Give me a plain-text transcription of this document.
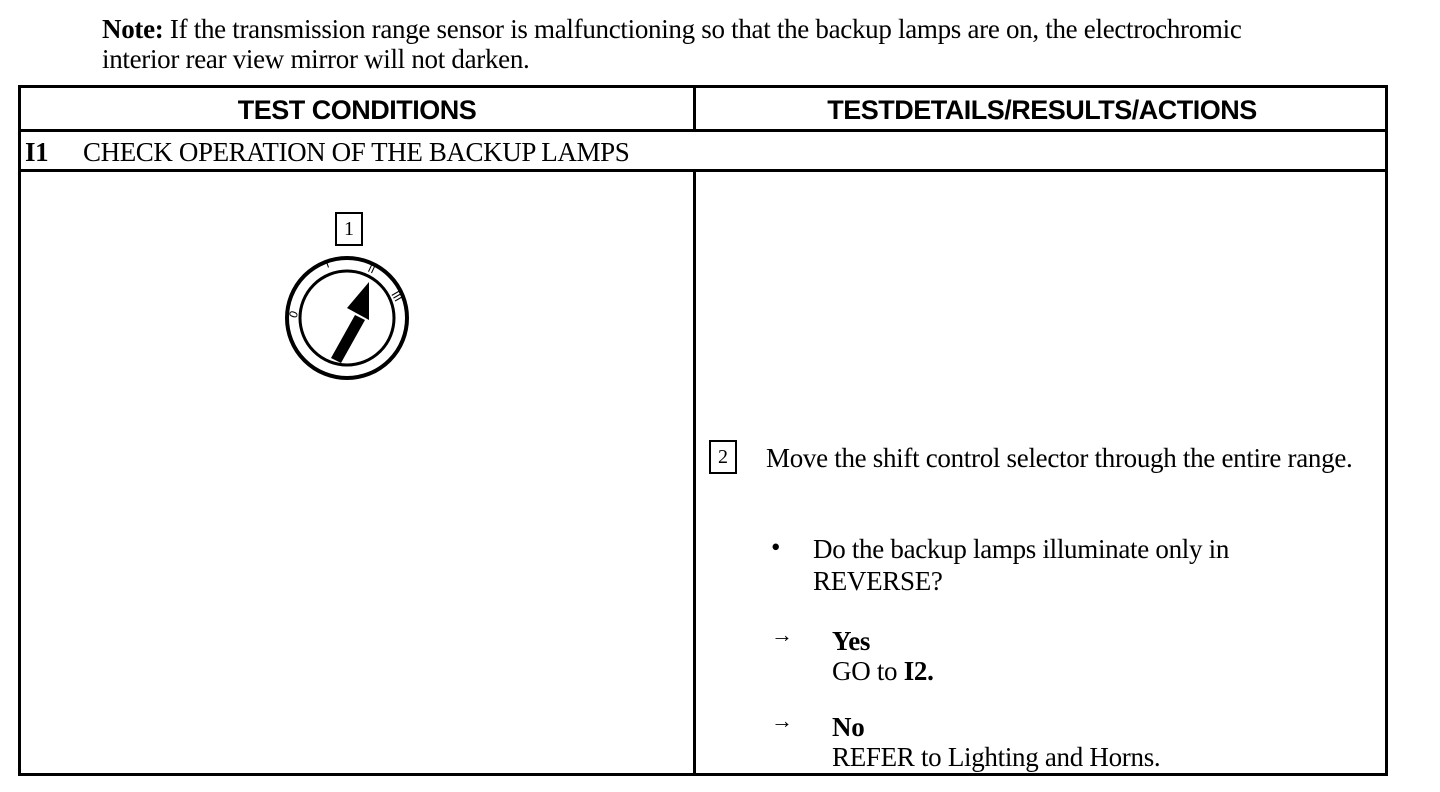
Note: If the transmission range sensor is malfunctioning so that the backup lamps are on, the electrochromic interior rear view mirror will not darken.
TEST CONDITIONS	TESTDETAILS/RESULTS/ACTIONS
I1 CHECK OPERATION OF THE BACKUP LAMPS
1
0
I	II
III
2	Move the shift control selector through the entire range.
• Do the backup lamps illuminate only in REVERSE?
→ Yes
GO to I2.
→ No
REFER to Lighting and Horns.
